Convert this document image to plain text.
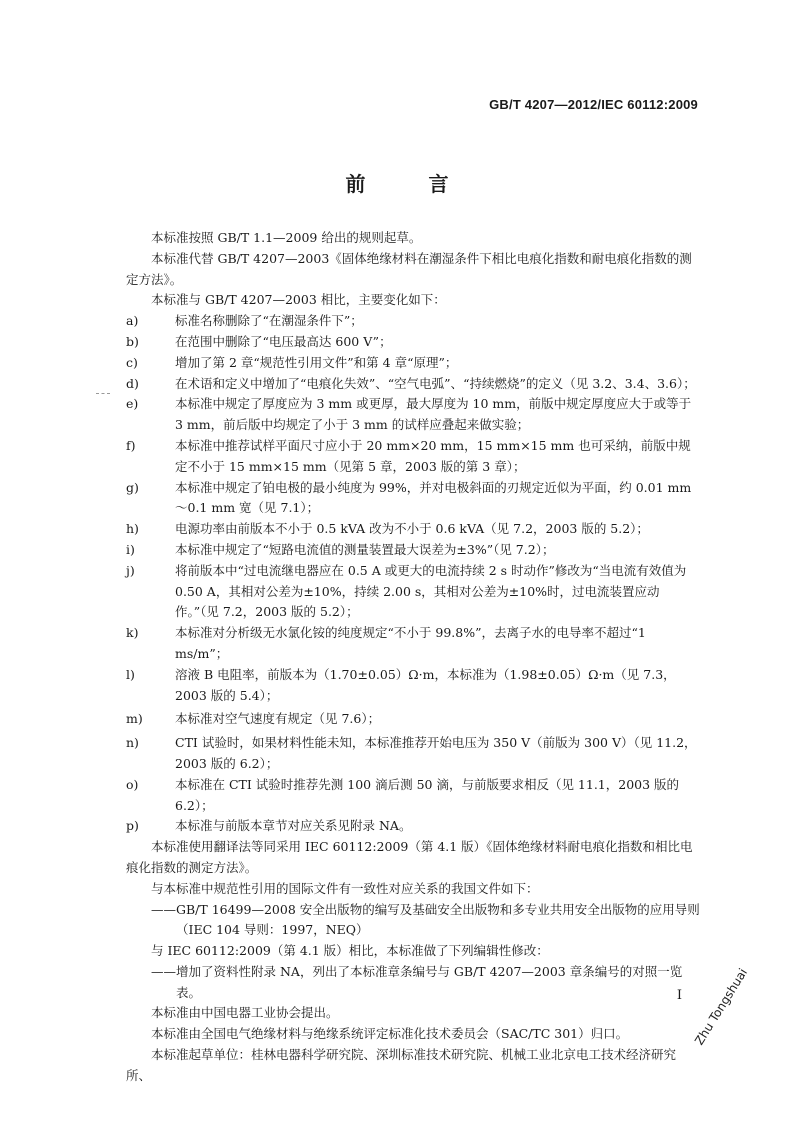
GB/T 4207—2012/IEC 60112:2009
前 言

本标准按照 GB/T 1.1—2009 给出的规则起草。

本标准代替 GB/T 4207—2003《固体绝缘材料在潮湿条件下相比电痕化指数和耐电痕化指数的测定方法》。

本标准与 GB/T 4207—2003 相比，主要变化如下：

a)	标准名称删除了“在潮湿条件下”；

b)	在范围中删除了“电压最高达 600 V”；

c)	增加了第 2 章“规范性引用文件”和第 4 章“原理”；

d)	在术语和定义中增加了“电痕化失效”、“空气电弧”、“持续燃烧”的定义（见 3.2、3.4、3.6）；

e)	本标准中规定了厚度应为 3 mm 或更厚，最大厚度为 10 mm，前版中规定厚度应大于或等于 3 mm，前后版中均规定了小于 3 mm 的试样应叠起来做实验；

f)	本标准中推荐试样平面尺寸应小于 20 mm×20 mm，15 mm×15 mm 也可采纳，前版中规定不小于 15 mm×15 mm（见第 5 章，2003 版的第 3 章）；

g)	本标准中规定了铂电极的最小纯度为 99%，并对电极斜面的刃规定近似为平面，约 0.01 mm～0.1 mm 宽（见 7.1）；

h)	电源功率由前版本不小于 0.5 kVA 改为不小于 0.6 kVA（见 7.2，2003 版的 5.2）；

i)	本标准中规定了“短路电流值的测量装置最大误差为±3%”（见 7.2）；

j)	将前版本中“过电流继电器应在 0.5 A 或更大的电流持续 2 s 时动作”修改为“当电流有效值为 0.50 A，其相对公差为±10%，持续 2.00 s，其相对公差为±10%时，过电流装置应动作。”（见 7.2，2003 版的 5.2）；

k)	本标准对分析级无水氯化铵的纯度规定“不小于 99.8%”，去离子水的电导率不超过“1 ms/m”；

l)	溶液 B 电阻率，前版本为（1.70±0.05）Ω·m，本标准为（1.98±0.05）Ω·m（见 7.3，2003 版的 5.4）；

m)	本标准对空气速度有规定（见 7.6）；

n)	CTI 试验时，如果材料性能未知，本标准推荐开始电压为 350 V（前版为 300 V）（见 11.2，2003 版的 6.2）；

o)	本标准在 CTI 试验时推荐先测 100 滴后测 50 滴，与前版要求相反（见 11.1，2003 版的 6.2）；

p)	本标准与前版本章节对应关系见附录 NA。

本标准使用翻译法等同采用 IEC 60112:2009（第 4.1 版）《固体绝缘材料耐电痕化指数和相比电痕化指数的测定方法》。

与本标准中规范性引用的国际文件有一致性对应关系的我国文件如下：

——GB/T 16499—2008 安全出版物的编写及基础安全出版物和多专业共用安全出版物的应用导则（IEC 104 导则：1997，NEQ）

与 IEC 60112:2009（第 4.1 版）相比，本标准做了下列编辑性修改：

——增加了资料性附录 NA，列出了本标准章条编号与 GB/T 4207—2003 章条编号的对照一览表。

本标准由中国电器工业协会提出。

本标准由全国电气绝缘材料与绝缘系统评定标准化技术委员会（SAC/TC 301）归口。

本标准起草单位：桂林电器科学研究院、深圳标准技术研究院、机械工业北京电工技术经济研究所、

I Zhu Tongshuai
